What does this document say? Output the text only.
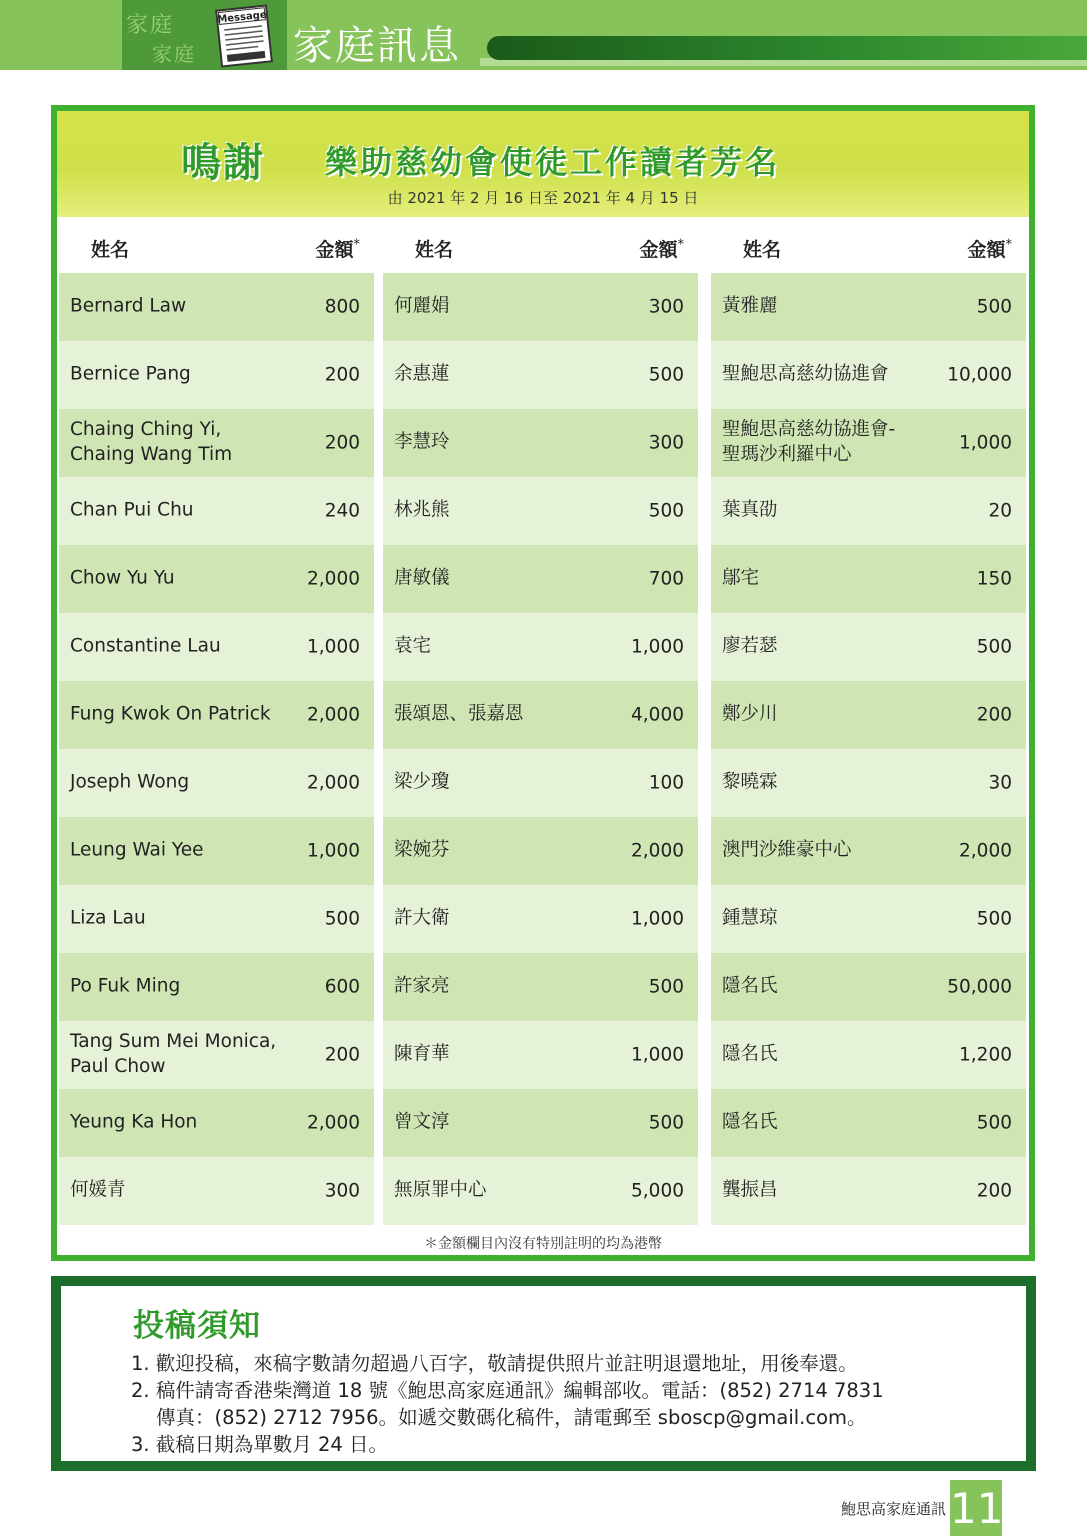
家庭
家庭
Message
家庭訊息
鳴謝 樂助慈幼會使徒工作讀者芳名
由 2021 年 2 月 16 日至 2021 年 4 月 15 日
姓名	金額*
Bernard Law	800
Bernice Pang	200
Chaing Ching Yi,
Chaing Wang Tim
200
Chan Pui Chu	240
Chow Yu Yu	2,000
Constantine Lau	1,000
Fung Kwok On Patrick	2,000
Joseph Wong	2,000
Leung Wai Yee	1,000
Liza Lau	500
Po Fuk Ming	600
Tang Sum Mei Monica,
Paul Chow
200
Yeung Ka Hon	2,000
何媛青	300
姓名	金額*
何麗娟	300
余惠蓮	500
李慧玲	300
林兆熊	500
唐敏儀	700
袁宅	1,000
張頌恩、張嘉恩	4,000
梁少瓊	100
梁婉芬	2,000
許大衛	1,000
許家亮	500
陳育華	1,000
曾文淳	500
無原罪中心	5,000
姓名	金額*
黃雅麗	500
聖鮑思高慈幼協進會	10,000
聖鮑思高慈幼協進會-
聖瑪沙利羅中心
1,000
葉真劭	20
鄔宅	150
廖若瑟	500
鄭少川	200
黎曉霖	30
澳門沙維豪中心	2,000
鍾慧琼	500
隱名氏	50,000
隱名氏	1,200
隱名氏	500
龔振昌	200
＊金額欄目內沒有特別註明的均為港幣
投稿須知
1. 歡迎投稿，來稿字數請勿超過八百字，敬請提供照片並註明退還地址，用後奉還。
2. 稿件請寄香港柴灣道 18 號《鮑思高家庭通訊》編輯部收。電話：(852) 2714 7831
傳真：(852) 2712 7956。如遞交數碼化稿件，請電郵至 sboscp@gmail.com。
3. 截稿日期為單數月 24 日。
鮑思高家庭通訊 11
